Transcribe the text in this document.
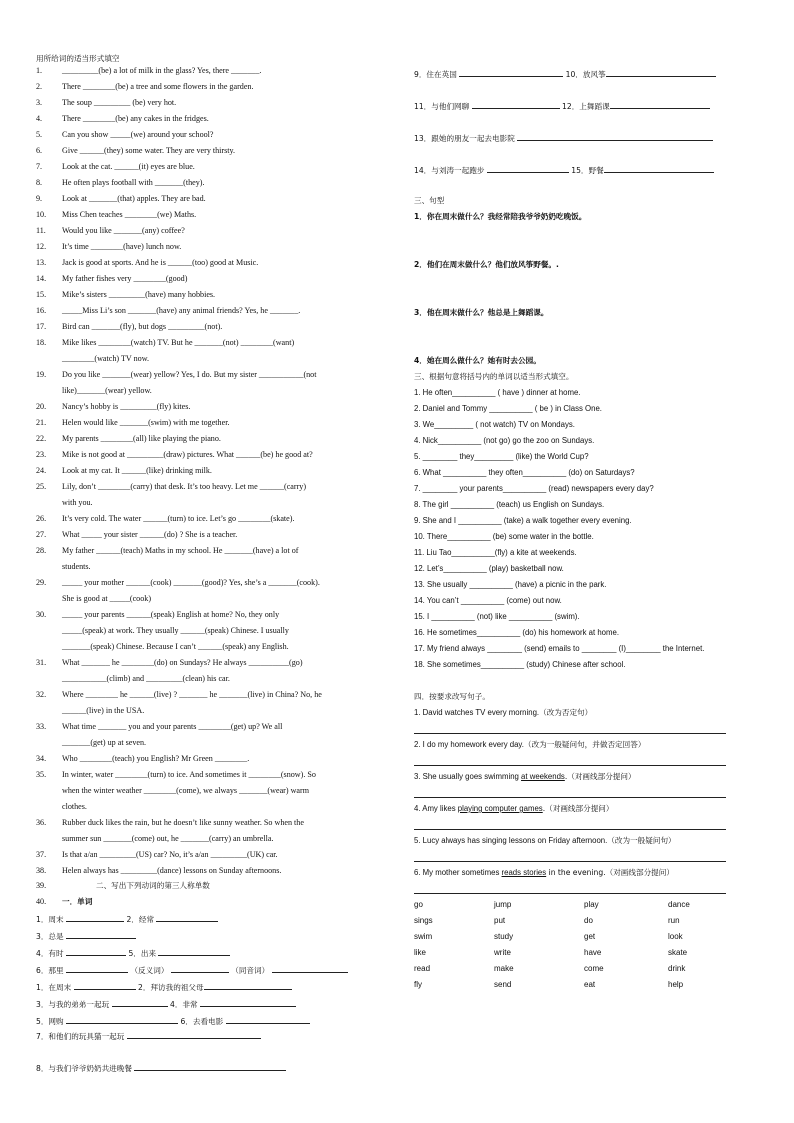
用所给词的适当形式填空
1. _________(be) a lot of milk in the glass? Yes, there _______.
2. There ________(be) a tree and some flowers in the garden.
3. The soup _________ (be) very hot.
4. There ________(be) any cakes in the fridges.
5. Can you show _____(we) around your school?
6. Give ______(they) some water. They are very thirsty.
7. Look at the cat. ______(it) eyes are blue.
8. He often plays football with _______(they).
9. Look at _______(that) apples. They are bad.
10. Miss Chen teaches ________(we) Maths.
11. Would you like _______(any) coffee?
12. It’s time ________(have) lunch now.
13. Jack is good at sports. And he is ______(too) good at Music.
14. My father fishes very ________(good)
15. Mike’s sisters _________(have) many hobbies.
16. _____Miss Li’s son _______(have) any animal friends? Yes, he _______.
17.Bird can _______(fly), but dogs _________(not).
18.Mike likes ________(watch) TV. But he _______(not) ________(want)
________(watch) TV now.
19.Do you like _______(wear) yellow? Yes, I do. But my sister ___________(not
like)_______(wear) yellow.
20.Nancy’s hobby is _________(fly) kites.
21.Helen would like _______(swim) with me together.
22.My parents ________(all) like playing the piano.
23.Mike is not good at _________(draw) pictures. What ______(be) he good at?
24.Look at my cat. It ______(like) drinking milk.
25.Lily, don’t ________(carry) that desk. It’s too heavy. Let me ______(carry)
with you.
26.It’s very cold. The water ______(turn) to ice. Let’s go ________(skate).
27.What _____ your sister ______(do) ? She is a teacher.
28.My father ______(teach) Maths in my school. He _______(have) a lot of
students.
29. _____ your mother ______(cook) _______(good)? Yes, she’s a _______(cook).
She is good at _____(cook)
30. _____ your parents ______(speak) English at home? No, they only
_____(speak) at work. They usually ______(speak) Chinese. I usually
_______(speak) Chinese. Because I can’t ______(speak) any English.
31. What _______ he ________(do) on Sundays? He always __________(go)
___________(climb) and _________(clean) his car.
32. Where ________ he ______(live) ? _______ he _______(live) in China? No, he
______(live) in the USA.
33. What time _______ you and your parents ________(get) up? We all
_______(get) up at seven.
34. Who ________(teach) you English? Mr Green ________.
35. In winter, water ________(turn) to ice. And sometimes it ________(snow). So
when the winter weather ________(come), we always _______(wear) warm
clothes.
36. Rubber duck likes the rain, but he doesn’t like sunny weather. So when the
summer sun _______(come) out, he _______(carry) an umbrella.
37. Is that a/an _________(US) car? No, it’s a/an _________(UK) car.
38. Helen always has _________(dance) lessons on Sunday afternoons.
39.	二、写出下列动词的第三人称单数
40. 一．单词
1．周末	2．经常
3．总是
4．有时	5．出来
6．那里	（反义词）	（同音词）
1．在周末	2．拜访我的祖父母
3．与我的弟弟一起玩	4．非常
5．网购	6．去看电影
7．和他们的玩具猫一起玩
8．与我们爷爷奶奶共进晚餐
9．住在英国	10．放风筝
11．与他们网聊	12．上舞蹈课
13．跟她的朋友一起去电影院
14．与刘涛一起跑步	15．野餐
三、句型
1．你在周末做什么？我经常陪我爷爷奶奶吃晚饭。
2．他们在周末做什么？他们放风筝野餐。.
3．他在周末做什么？他总是上舞蹈课。
4．她在周么做什么？她有时去公园。
三、根据句意将括号内的单词以适当形式填空。
1. He often__________ ( have ) dinner at home.
2. Daniel and Tommy __________ ( be ) in Class One.
3. We_________ ( not watch) TV on Mondays.
4. Nick__________ (not go) go the zoo on Sundays.
5. ________ they_________ (like) the World Cup?
6. What __________ they often__________ (do) on Saturdays?
7. ________ your parents__________ (read) newspapers every day?
8. The girl __________ (teach) us English on Sundays.
9. She and I __________ (take) a walk together every evening.
10. There__________ (be) some water in the bottle.
11. Liu Tao__________(fly) a kite at weekends.
12. Let’s__________ (play) basketball now.
13. She usually __________ (have) a picnic in the park.
14. You can’t __________ (come) out now.
15. I __________ (not) like __________ (swim).
16. He sometimes__________ (do) his homework at home.
17. My friend always ________ (send) emails to ________ (I)________ the Internet.
18. She sometimes__________ (study) Chinese after school.
四．按要求改写句子。
1. David watches TV every morning.（改为否定句）
2. I do my homework every day.（改为一般疑问句，并做否定回答）
3. She usually goes swimming at weekends.（对画线部分提问）
4. Amy likes playing computer games.（对画线部分提问）
5. Lucy always has singing lessons on Friday afternoon.（改为一般疑问句）
6. My mother sometimes reads stories in the evening.（对画线部分提问）
go	jump	play	dance
sings	put	do	run
swim	study	get	look
like	write	have	skate
read	make	come	drink
fly	send	eat	help
